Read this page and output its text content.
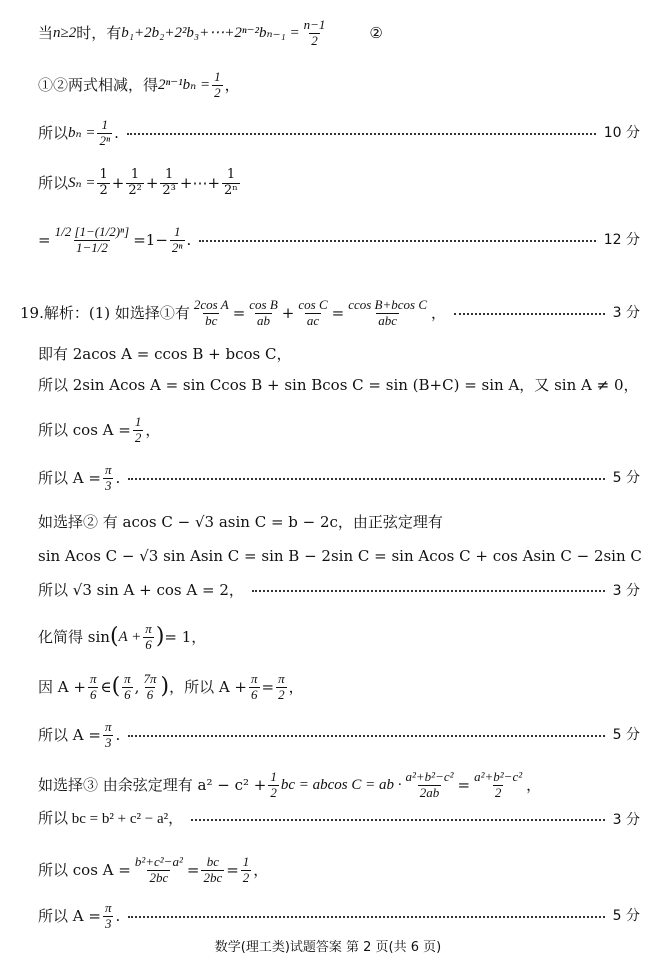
当 n≥2 时，有 b₁+2b₂+2²b₃+⋯+2ⁿ⁻²bₙ₋₁ = $\frac{n-1}{2}$	②
①②两式相减，得 $2^{n-1}b_n = \frac{1}{2}$ ，
所以 $b_n = \frac{1}{\text{2ⁿ}}$ .	10 分
所以 $S_n = \frac{1}{2} + \frac{1}{\text{2²}} + \frac{1}{\text{2³}}$ +⋯+ $\frac{1}{\text{2ⁿ}}$
= $\frac{\text{1/2 [1−(1/2)ⁿ]}}{1-1/2} =1- \frac{1}{\text{2ⁿ}}$ .	12 分
19. 解析：(1) 如选择①有 $\frac{\text{2cos A}}{bc} = \frac{\text{cos B}}{ab} + \frac{\text{cos C}}{ac} = \frac{\text{ccos B+bcos C}}{\text{abc}}$ ，	3 分
即有 2acos A = ccos B + bcos C，
所以 2sin Acos A = sin Ccos B + sin Bcos C = sin (B+C) = sin A，又 sin A ≠ 0，
所以 $\cos A = \frac{1}{2}$ ，
所以 $A = \frac{\pi}{3}$ .	5 分
如选择② 有 acos C − √3 asin C = b − 2c，由正弦定理有
sin Acos C − √3 sin Asin C = sin B − 2sin C = sin Acos C + cos Asin C − 2sin C
所以 √3 sin A + cos A = 2，	3 分
化简得 sin ( $A + \frac{\pi}{6}$ ) = 1，
因 $A + \frac{\pi}{6}$ ∈ ( $\frac{\pi}{6}$ , $\frac{7\pi}{6}$ ) ，所以 $A + \frac{\pi}{6} = \frac{\pi}{2}$ ，
所以 $A = \frac{\pi}{3}$ .	5 分
如选择③ 由余弦定理有 $a^2 - c^2 + \frac{1}{2}$ bc = abcos C = ab · $\frac{\text{a²+b²−c²}}{2ab} = \frac{\text{a²+b²−c²}}{2}$ ，
所以 bc = b² + c² − a²，	3 分
所以 $\cos A = \frac{\text{b²+c²−a²}}{2bc} = \frac{bc}{2bc} = \frac{1}{2}$ ，
所以 $A = \frac{\pi}{3}$ .	5 分
数学(理工类)试题答案 第 2 页(共 6 页)
